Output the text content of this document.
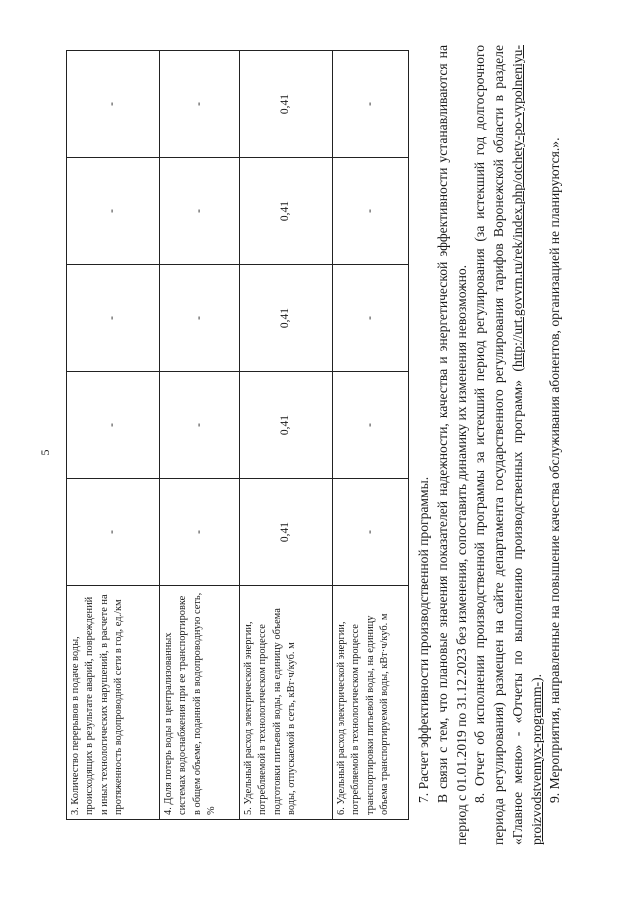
5
3. Количество перерывов в подаче воды, происходящих в результате аварий, повреждений и иных технологических нарушений, в расчете на протяженность водопроводной сети в год, ед./км	-	-	-	-	-
4. Доля потерь воды в централизованных системах водоснабжения при ее транспортировке в общем объеме, поданной в водопроводную сеть, %	-	-	-	-	-
5. Удельный расход электрической энергии, потребляемой в технологическом процессе подготовки питьевой воды, на единицу объема воды, отпускаемой в сеть, кВт·ч/куб. м	0,41	0,41	0,41	0,41	0,41
6. Удельный расход электрической энергии, потребляемой в технологическом процессе транспортировки питьевой воды, на единицу объема транспортируемой воды, кВт·ч/куб. м	-	-	-	-	-

7. Расчет эффективности производственной программы. В связи с тем, что плановые значения показателей надежности, качества и энергетической эффективности устанавливаются на период с 01.01.2019 по 31.12.2023 без изменения, сопоставить динамику их изменения невозможно. 8. Отчет об исполнении производственной программы за истекший период регулирования (за истекший год долгосрочного периода регулирования) размещен на сайте департамента государственного регулирования тарифов Воронежской области в разделе «Главное меню» - «Отчеты по выполнению производственных программ» (http://urt.govvrn.ru/rek/index.php/otchety-po-vypolneniyu-proizvodstvennyx-programm-). 9. Мероприятия, направленные на повышение качества обслуживания абонентов, организацией не планируются.».
